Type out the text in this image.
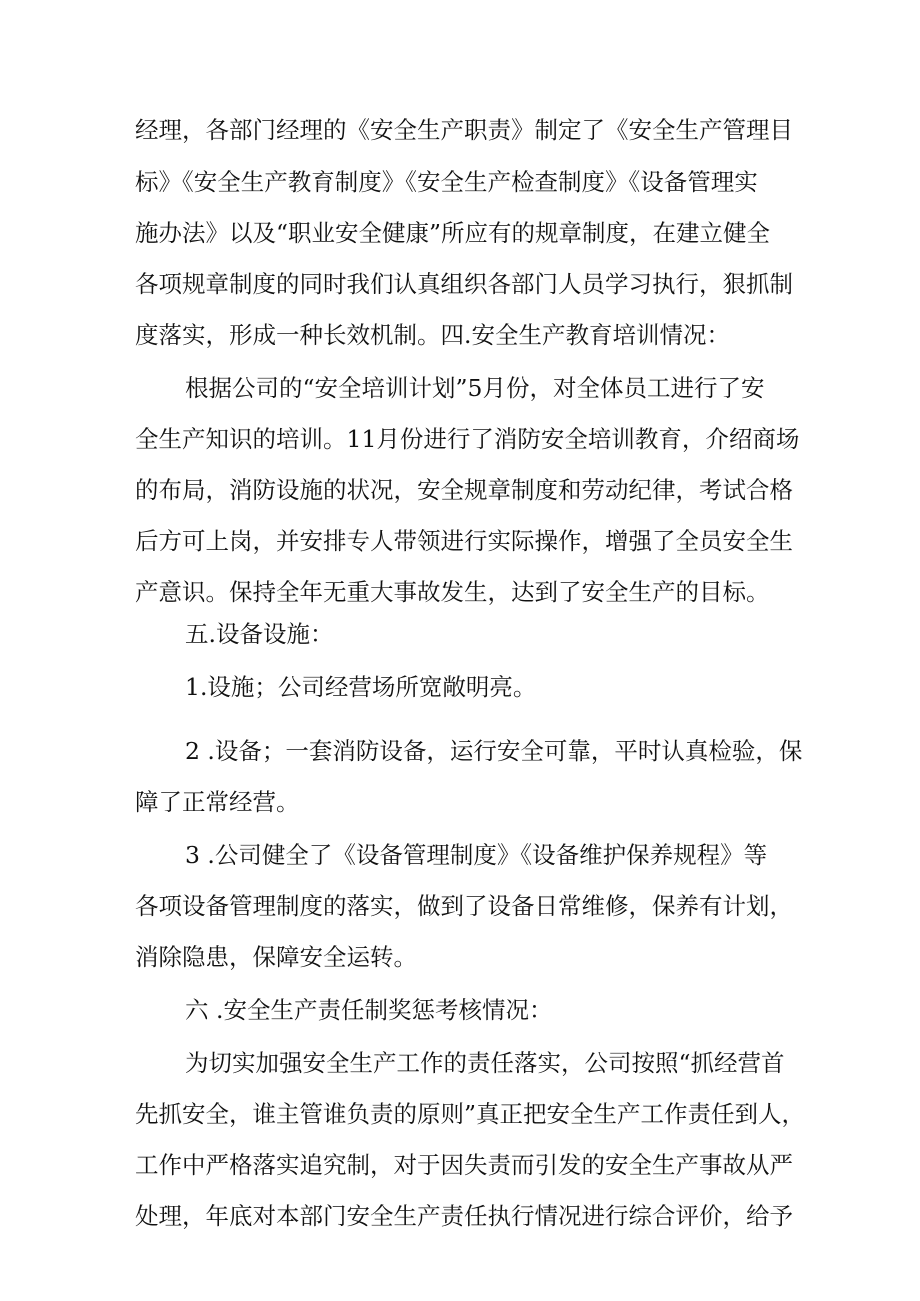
经理，各部门经理的《安全生产职责》制定了《安全生产管理目
标》《安全生产教育制度》《安全生产检查制度》《设备管理实
施办法》以及“职业安全健康”所应有的规章制度，在建立健全
各项规章制度的同时我们认真组织各部门人员学习执行，狠抓制
度落实，形成一种长效机制。四.安全生产教育培训情况：
根据公司的“安全培训计划”5月份，对全体员工进行了安
全生产知识的培训。11月份进行了消防安全培训教育，介绍商场
的布局，消防设施的状况，安全规章制度和劳动纪律，考试合格
后方可上岗，并安排专人带领进行实际操作，增强了全员安全生
产意识。保持全年无重大事故发生，达到了安全生产的目标。
五.设备设施：
1.设施；公司经营场所宽敞明亮。
2 .设备；一套消防设备，运行安全可靠，平时认真检验，保
障了正常经营。
3 .公司健全了《设备管理制度》《设备维护保养规程》等
各项设备管理制度的落实，做到了设备日常维修，保养有计划，
消除隐患，保障安全运转。
六 .安全生产责任制奖惩考核情况：
为切实加强安全生产工作的责任落实，公司按照“抓经营首
先抓安全，谁主管谁负责的原则”真正把安全生产工作责任到人，
工作中严格落实追究制，对于因失责而引发的安全生产事故从严
处理，年底对本部门安全生产责任执行情况进行综合评价，给予
